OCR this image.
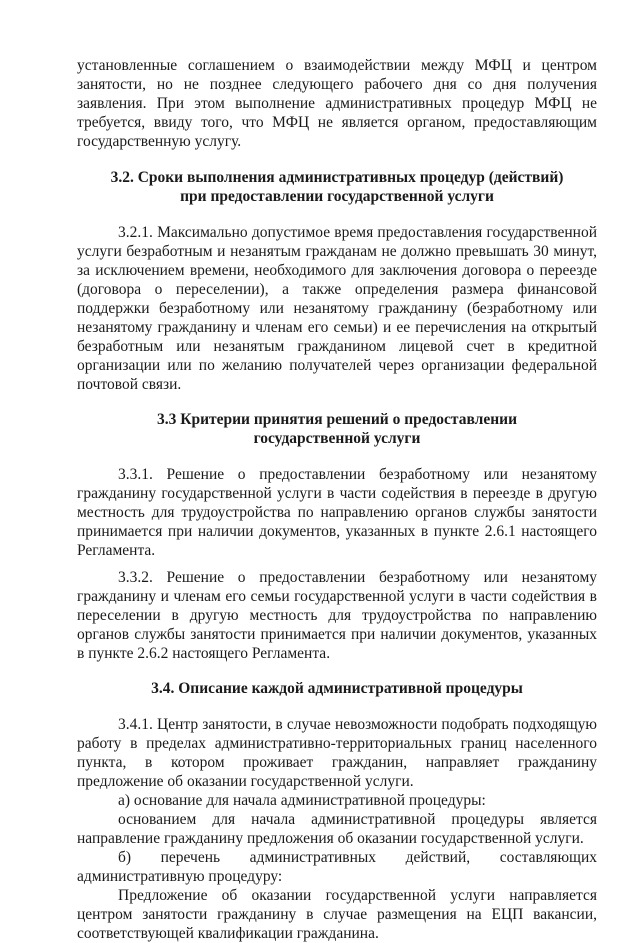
установленные соглашением о взаимодействии между МФЦ и центром занятости, но не позднее следующего рабочего дня со дня получения заявления. При этом выполнение административных процедур МФЦ не требуется, ввиду того, что МФЦ не является органом, предоставляющим государственную услугу.

3.2. Сроки выполнения административных процедур (действий)
при предоставлении государственной услуги

3.2.1. Максимально допустимое время предоставления государственной услуги безработным и незанятым гражданам не должно превышать 30 минут, за исключением времени, необходимого для заключения договора о переезде (договора о переселении), а также определения размера финансовой поддержки безработному или незанятому гражданину (безработному или незанятому гражданину и членам его семьи) и ее перечисления на открытый безработным или незанятым гражданином лицевой счет в кредитной организации или по желанию получателей через организации федеральной почтовой связи.

3.3 Критерии принятия решений о предоставлении
государственной услуги

3.3.1. Решение о предоставлении безработному или незанятому гражданину государственной услуги в части содействия в переезде в другую местность для трудоустройства по направлению органов службы занятости принимается при наличии документов, указанных в пункте 2.6.1 настоящего Регламента.

3.3.2. Решение о предоставлении безработному или незанятому гражданину и членам его семьи государственной услуги в части содействия в переселении в другую местность для трудоустройства по направлению органов службы занятости принимается при наличии документов, указанных в пункте 2.6.2 настоящего Регламента.

3.4. Описание каждой административной процедуры

3.4.1. Центр занятости, в случае невозможности подобрать подходящую работу в пределах административно-территориальных границ населенного пункта, в котором проживает гражданин, направляет гражданину предложение об оказании государственной услуги.

а) основание для начала административной процедуры:

основанием для начала административной процедуры является направление гражданину предложения об оказании государственной услуги.

б) перечень административных действий, составляющих административную процедуру:

Предложение об оказании государственной услуги направляется центром занятости гражданину в случае размещения на ЕЦП вакансии, соответствующей квалификации гражданина.
